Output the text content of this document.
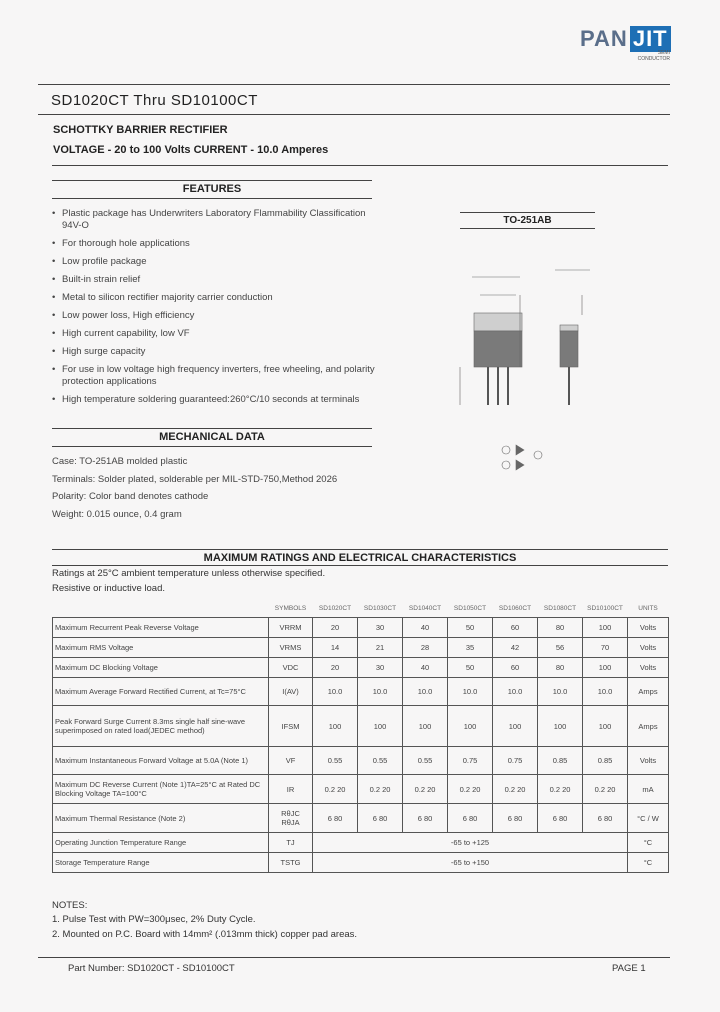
PAN JIT
SEMI
CONDUCTOR
SD1020CT Thru SD10100CT
SCHOTTKY BARRIER RECTIFIER
VOLTAGE - 20 to 100 Volts CURRENT - 10.0 Amperes
FEATURES
• Plastic package has Underwriters Laboratory Flammability Classification 94V-O
• For thorough hole applications
• Low profile package
• Built-in strain relief
• Metal to silicon rectifier majority carrier conduction
• Low power loss, High efficiency
• High current capability, low VF
• High surge capacity
• For use in low voltage high frequency inverters, free wheeling, and polarity protection applications
• High temperature soldering guaranteed:260°C/10 seconds at terminals
TO-251AB
MECHANICAL DATA
Case: TO-251AB molded plastic
Terminals: Solder plated, solderable per MIL-STD-750,Method 2026
Polarity: Color band denotes cathode
Weight: 0.015 ounce, 0.4 gram
MAXIMUM RATINGS AND ELECTRICAL CHARACTERISTICS
Ratings at 25°C ambient temperature unless otherwise specified.
Resistive or inductive load.
	SYMBOLS	SD1020CT	SD1030CT	SD1040CT	SD1050CT	SD1060CT	SD1080CT	SD10100CT	UNITS
Maximum Recurrent Peak Reverse Voltage	VRRM	20	30	40	50	60	80	100	Volts
Maximum RMS Voltage	VRMS	14	21	28	35	42	56	70	Volts
Maximum DC Blocking Voltage	VDC	20	30	40	50	60	80	100	Volts
Maximum Average Forward Rectified Current, at Tc=75°C	I(AV)	10.0	10.0	10.0	10.0	10.0	10.0	10.0	Amps
Peak Forward Surge Current 8.3ms single half sine-wave superimposed on rated load(JEDEC method)	IFSM	100	100	100	100	100	100	100	Amps
Maximum Instantaneous Forward Voltage at 5.0A (Note 1)	VF	0.55	0.55	0.55	0.75	0.75	0.85	0.85	Volts
Maximum DC Reverse Current (Note 1)TA=25°C at Rated DC Blocking Voltage TA=100°C	IR	0.2 20	0.2 20	0.2 20	0.2 20	0.2 20	0.2 20	0.2 20	mA
Maximum Thermal Resistance (Note 2)	RθJC RθJA	6 80	6 80	6 80	6 80	6 80	6 80	6 80	°C / W
Operating Junction Temperature Range	TJ	-65 to +125							°C
Storage Temperature Range	TSTG	-65 to +150							°C
NOTES:
1. Pulse Test with PW=300μsec, 2% Duty Cycle.
2. Mounted on P.C. Board with 14mm² (.013mm thick) copper pad areas.
Part Number: SD1020CT - SD10100CT	PAGE 1
